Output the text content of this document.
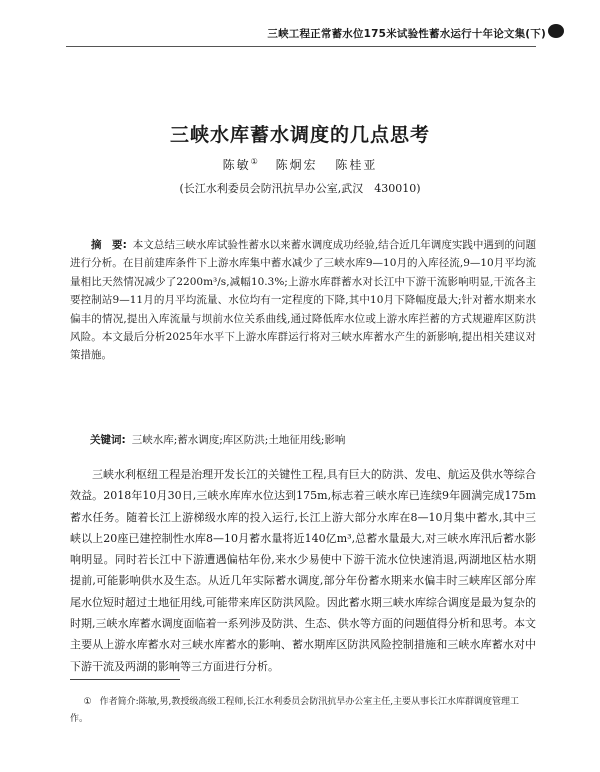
三峡工程正常蓄水位175米试验性蓄水运行十年论文集(下)
三峡水库蓄水调度的几点思考
陈敏① 陈炯宏 陈桂亚
(长江水利委员会防汛抗旱办公室,武汉　430010)

摘　要: 本文总结三峡水库试验性蓄水以来蓄水调度成功经验,结合近几年调度实践中遇到的问题进行分析。在目前建库条件下上游水库集中蓄水减少了三峡水库9—10月的入库径流,9—10月平均流量相比天然情况减少了2200m³/s,减幅10.3%;上游水库群蓄水对长江中下游干流影响明显,干流各主要控制站9—11月的月平均流量、水位均有一定程度的下降,其中10月下降幅度最大;针对蓄水期来水偏丰的情况,提出入库流量与坝前水位关系曲线,通过降低库水位或上游水库拦蓄的方式规避库区防洪风险。本文最后分析2025年水平下上游水库群运行将对三峡水库蓄水产生的新影响,提出相关建议对策措施。

关键词: 三峡水库;蓄水调度;库区防洪;土地征用线;影响

三峡水利枢纽工程是治理开发长江的关键性工程,具有巨大的防洪、发电、航运及供水等综合效益。2018年10月30日,三峡水库库水位达到175m,标志着三峡水库已连续9年圆满完成175m蓄水任务。随着长江上游梯级水库的投入运行,长江上游大部分水库在8—10月集中蓄水,其中三峡以上20座已建控制性水库8—10月蓄水量将近140亿m³,总蓄水量最大,对三峡水库汛后蓄水影响明显。同时若长江中下游遭遇偏枯年份,来水少易使中下游干流水位快速消退,两湖地区枯水期提前,可能影响供水及生态。从近几年实际蓄水调度,部分年份蓄水期来水偏丰时三峡库区部分库尾水位短时超过土地征用线,可能带来库区防洪风险。因此蓄水期三峡水库综合调度是最为复杂的时期,三峡水库蓄水调度面临着一系列涉及防洪、生态、供水等方面的问题值得分析和思考。本文主要从上游水库蓄水对三峡水库蓄水的影响、蓄水期库区防洪风险控制措施和三峡水库蓄水对中下游干流及两湖的影响等三方面进行分析。

① 作者简介:陈敏,男,教授级高级工程师,长江水利委员会防汛抗旱办公室主任,主要从事长江水库群调度管理工作。
